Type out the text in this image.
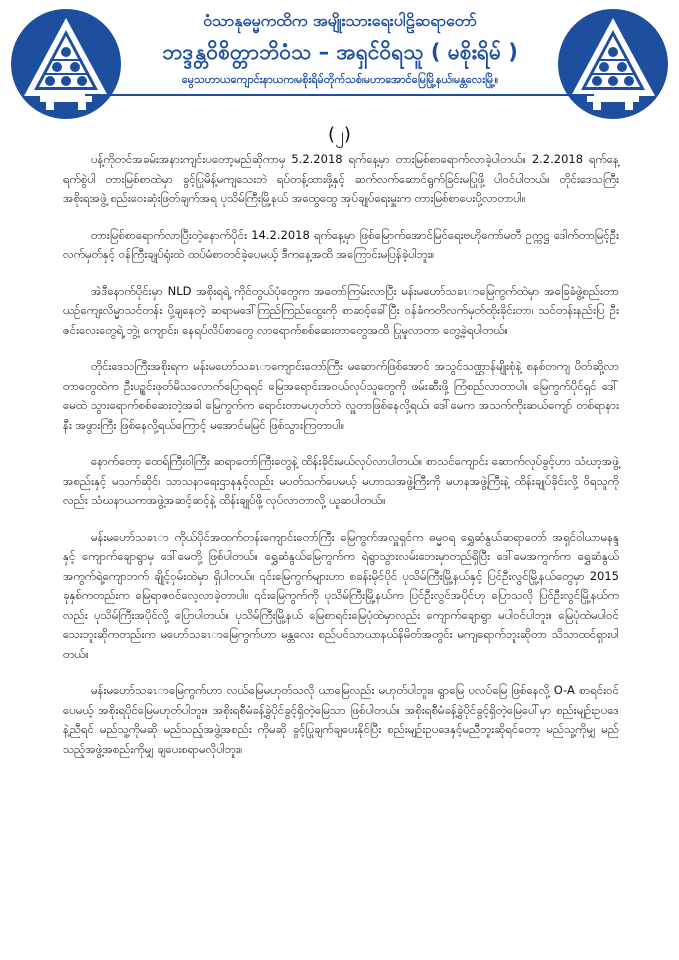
ဝံသာနုဓမ္မကထိက အမျိုးသားရေးပါဠိဆရာတော်
ဘဒ္ဒန္တဝိစိတ္တာဘိဝံသ – အရှင်ဝိရသူ ( မစိုးရိမ် )
မွေသဟာယကျောင်းနာယက၊မစိုးရိမ်တိုက်သစ်၊မဟာအောင်မြေမြို့နယ်၊မန္တလေးမြို့။
(၂)

ပန့်ကိုတင်အခမ်းအနားကျင်းပတော့မည်ဆိုကာမှ 5.2.2018 ရက်နေ့မှာ တားမြစ်စာရောက်လာခဲ့ပါတယ်။ 2.2.2018 ရက်နေ့ ရက်စွဲပါ တားမြစ်စာထဲမှာ ခွင့်ပြုမိန့်မကျသေးဘဲ ရပ်တန့်ထားဖို့နှင့် ဆက်လက်ဆောင်ရွက်ခြင်းမပြုဖို့ ပါဝင်ပါတယ်။ တိုင်းဒေသကြီးအစိုးရအဖွဲ့ စည်းဝေးဆုံးဖြတ်ချက်အရ ပုသိမ်ကြီးမြို့နယ် အထွေထွေ အုပ်ချုပ်ရေးမှူးက တားမြစ်စာပေးပို့လာတာပါ။

တားမြစ်စာရောက်လာပြီးတဲ့နောက်ပိုင်း 14.2.2018 ရက်နေ့မှာ ဖြစ်မြောက်အောင်မြင်ရေးဗဟိုကော်မတီ ဥက္ကဋ္ဌ ဒေါက်တာမြင့်ဦးလက်မှတ်နှင့် ဝန်ကြီးချုပ်ရုံးထဲ ထပ်မံစာတင်ခဲ့ပေမယ့် ဒီကနေ့အထိ အကြောင်းမပြန်ခဲ့ပါဘူး။

အဲဒီနောက်ပိုင်းမှာ NLD အစိုးရရဲ့ ကိုင်တွယ်ပုံတွေက အတော်ကြမ်းလာပြီး မန်းမဟော်သခၤာမြေကွက်ထဲမှာ အခြေခံဖွဲ့စည်းတာ ယဉ်ကျေးလိမ္မာသင်တန်း ပို့ချနေတဲ့ ဆရာမဒေါ်ကြည်ကြည်ထွေးကို စာဆင့်ခေါ်ပြီး ဝန်ခံကတိလက်မှတ်ထိုးခိုင်းတာ၊ သင်တန်းနည်းပြ ဦးဇင်းလေးတွေရဲ့ ဘွဲ့၊ ကျောင်း၊ နေရပ်လိပ်စာတွေ လာရောက်စစ်ဆေးတာတွေအထိ ပြုမူလာတာ တွေ့ခဲ့ရပါတယ်။

တိုင်းဒေသကြီးအစိုးရက မန်းမဟော်သခၤာကျောင်းတော်ကြီး မဆောက်ဖြစ်အောင် အသွင်သဏ္ဌာန်မျိုးစုံနဲ့ စနစ်တကျ ပိတ်ဆို့လာတာတွေထဲက ဦးပဥ္စင်းဖုတ်မိသလောက်ပြောရရင် မြေအရောင်းအဝယ်လုပ်သူတွေကို ဖမ်းဆီးဖို့ ကြံစည်လာတာပါ။ မြေကွက်ပိုင်ရှင် ဒေါ်မေထဲ သွားရောက်စစ်ဆေးတဲ့အခါ မြေကွက်က ရောင်းတာမဟုတ်ဘဲ လှူတာဖြစ်နေလို့ရယ်၊ ဒေါ်မေက အသက်ကိုးဆယ်ကျော် တစ်ရာနားနီး အဖွားကြီး ဖြစ်နေလို့ရယ်ကြောင့် မအောင်မမြင် ဖြစ်သွားကြတာပါ။

နောက်တော့ ထေရ်ကြီးဝါကြီး ဆရာတော်ကြီးတွေနဲ့ ထိန်းခိုင်းမယ်လုပ်လာပါတယ်။ စာသင်ကျောင်း ဆောက်လုပ်ခွင့်ဟာ သံဃာ့အဖွဲ့အစည်းနှင့် မသက်ဆိုင်၊ သာသနာရေးဌာနနှင့်လည်း မပတ်သက်ပေမယ့် မဟာသအဖွဲ့ကြီးကို မဟနအဖွဲ့ကြီးနဲ့ ထိန်းချုပ်ခိုင်းလို့ ဝိရသူကိုလည်း သံဃနာယကအဖွဲ့အဆင့်ဆင့်နဲ့ ထိန်းချုပ်ဖို့ လုပ်လာတာလို့ ယူဆပါတယ်။

မန်းမဟော်သခၤာ ကိုယ်ပိုင်အထက်တန်းကျောင်းတော်ကြီး မြေကွက်အလှူရှင်က ဓမ္မဝရ ရွှေဆံနွယ်ဆရာတော် အရှင်ဝါယာမနန္ဒနှင့် ကျောက်ချောရွာမှ ဒေါ်မေတို့ ဖြစ်ပါတယ်။ ရွှေဆံနွယ်မြေကွက်က ရဲရွာသွားလမ်းဘေးမှာတည်ရှိပြီး ဒေါ်မေအကွက်က ရွှေဆံနွယ်အကွက်ရဲ့ကျောဘက် ချိုင့်ဝှမ်းထဲမှာ ရှိပါတယ်။ ၎င်းမြေကွက်များဟာ စခန်းမိုင်ပိုင် ပုသိမ်ကြီးမြို့နယ်နှင့် ပြင်ဦးလွင်မြို့နယ်တွေမှာ 2015 ခုနှစ်ကတည်းက မြေရာဇဝင်လေ့လာခဲ့တာပါ။ ၎င်းမြေကွက်ကို ပုသိမ်ကြီးမြို့နယ်က ပြင်ဦးလွင်အပိုင်ဟု ပြောသလို ပြင်ဦးလွင်မြို့နယ်ကလည်း ပုသိမ်ကြီးအပိုင်လို့ ပြောပါတယ်။ ပုသိမ်ကြီးမြို့နယ် မြေစာရင်းမြေပုံထဲမှာလည်း ကျောက်ချောရွာ မပါဝင်ပါဘူး။ မြေပုံထဲမပါဝင်သေးဘူးဆိုကတည်းက မဟော်သခၤာမြေကွက်ဟာ မန္တလေး စည်ပင်သာယာနယ်နိမိတ်အတွင်း မကျရောက်ဘူးဆိုတာ သိသာထင်ရှားပါတယ်။

မန်းမဟော်သခၤာမြေကွက်ဟာ လယ်မြေမဟုတ်သလို ယာမြေလည်း မဟုတ်ပါဘူး။ ရွာမြေ ပလပ်မြေ ဖြစ်နေလို့ O-A စာရင်းဝင်ပေမယ့် အစိုးရပိုင်မြေမဟုတ်ပါဘူး။ အစိုးရစီမံခန့်ခွဲပိုင်ခွင့်ရှိတဲ့မြေသာ ဖြစ်ပါတယ်။ အစိုးရစီမံခန့်ခွဲပိုင်ခွင့်ရှိတဲ့မြေပေါ်မှာ စည်းမျဉ်းဥပဒေနဲ့ညီရင် မည်သူ့ကိုမဆို မည်သည့်အဖွဲ့အစည်း ကိုမဆို ခွင့်ပြုချက်ချပေးနိုင်ပြီး စည်းမျဉ်းဥပဒေနှင့်မညီဘူးဆိုရင်တော့ မည်သူ့ကိုမျှ မည်သည့်အဖွဲ့အစည်းကိုမျှ ချပေးစရာမလိုပါဘူး။
